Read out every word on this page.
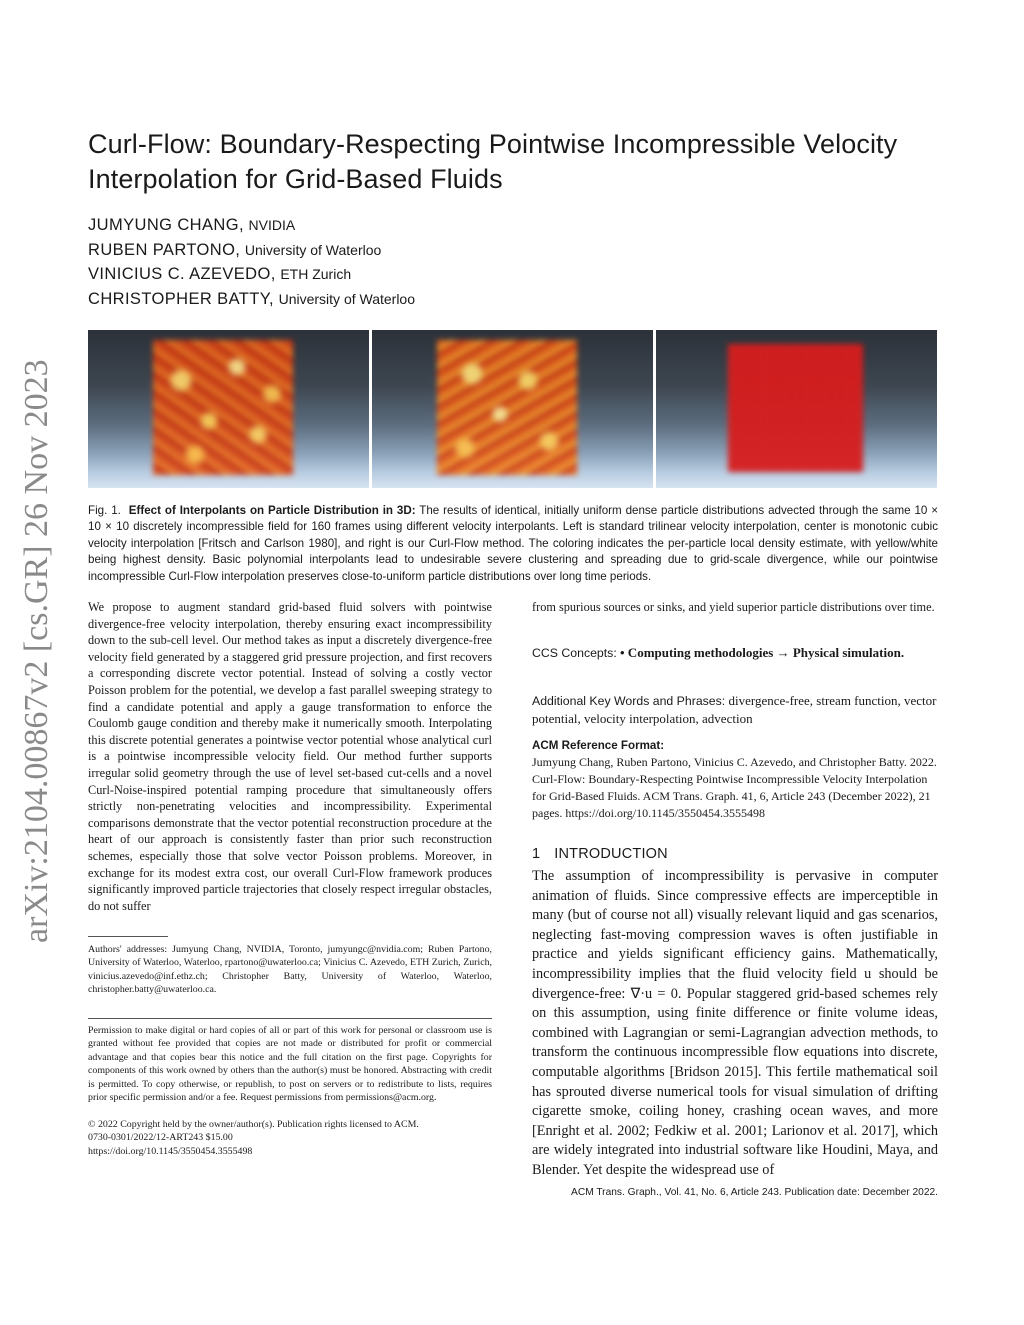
arXiv:2104.00867v2 [cs.GR] 26 Nov 2023
Curl-Flow: Boundary-Respecting Pointwise Incompressible Velocity Interpolation for Grid-Based Fluids
JUMYUNG CHANG, NVIDIA
RUBEN PARTONO, University of Waterloo
VINICIUS C. AZEVEDO, ETH Zurich
CHRISTOPHER BATTY, University of Waterloo
Fig. 1. Effect of Interpolants on Particle Distribution in 3D: The results of identical, initially uniform dense particle distributions advected through the same 10 × 10 × 10 discretely incompressible field for 160 frames using different velocity interpolants. Left is standard trilinear velocity interpolation, center is monotonic cubic velocity interpolation [Fritsch and Carlson 1980], and right is our Curl-Flow method. The coloring indicates the per-particle local density estimate, with yellow/white being highest density. Basic polynomial interpolants lead to undesirable severe clustering and spreading due to grid-scale divergence, while our pointwise incompressible Curl-Flow interpolation preserves close-to-uniform particle distributions over long time periods.
We propose to augment standard grid-based fluid solvers with pointwise divergence-free velocity interpolation, thereby ensuring exact incompressibility down to the sub-cell level. Our method takes as input a discretely divergence-free velocity field generated by a staggered grid pressure projection, and first recovers a corresponding discrete vector potential. Instead of solving a costly vector Poisson problem for the potential, we develop a fast parallel sweeping strategy to find a candidate potential and apply a gauge transformation to enforce the Coulomb gauge condition and thereby make it numerically smooth. Interpolating this discrete potential generates a pointwise vector potential whose analytical curl is a pointwise incompressible velocity field. Our method further supports irregular solid geometry through the use of level set-based cut-cells and a novel Curl-Noise-inspired potential ramping procedure that simultaneously offers strictly non-penetrating velocities and incompressibility. Experimental comparisons demonstrate that the vector potential reconstruction procedure at the heart of our approach is consistently faster than prior such reconstruction schemes, especially those that solve vector Poisson problems. Moreover, in exchange for its modest extra cost, our overall Curl-Flow framework produces significantly improved particle trajectories that closely respect irregular obstacles, do not suffer
Authors' addresses: Jumyung Chang, NVIDIA, Toronto, jumyungc@nvidia.com; Ruben Partono, University of Waterloo, Waterloo, rpartono@uwaterloo.ca; Vinicius C. Azevedo, ETH Zurich, Zurich, vinicius.azevedo@inf.ethz.ch; Christopher Batty, University of Waterloo, Waterloo, christopher.batty@uwaterloo.ca.
Permission to make digital or hard copies of all or part of this work for personal or classroom use is granted without fee provided that copies are not made or distributed for profit or commercial advantage and that copies bear this notice and the full citation on the first page. Copyrights for components of this work owned by others than the author(s) must be honored. Abstracting with credit is permitted. To copy otherwise, or republish, to post on servers or to redistribute to lists, requires prior specific permission and/or a fee. Request permissions from permissions@acm.org.
© 2022 Copyright held by the owner/author(s). Publication rights licensed to ACM.
0730-0301/2022/12-ART243 $15.00
https://doi.org/10.1145/3550454.3555498
from spurious sources or sinks, and yield superior particle distributions over time.
CCS Concepts: • Computing methodologies → Physical simulation.
Additional Key Words and Phrases: divergence-free, stream function, vector potential, velocity interpolation, advection
ACM Reference Format:
Jumyung Chang, Ruben Partono, Vinicius C. Azevedo, and Christopher Batty. 2022. Curl-Flow: Boundary-Respecting Pointwise Incompressible Velocity Interpolation for Grid-Based Fluids. ACM Trans. Graph. 41, 6, Article 243 (December 2022), 21 pages. https://doi.org/10.1145/3550454.3555498
1 INTRODUCTION
The assumption of incompressibility is pervasive in computer animation of fluids. Since compressive effects are imperceptible in many (but of course not all) visually relevant liquid and gas scenarios, neglecting fast-moving compression waves is often justifiable in practice and yields significant efficiency gains. Mathematically, incompressibility implies that the fluid velocity field u should be divergence-free: ∇·u = 0. Popular staggered grid-based schemes rely on this assumption, using finite difference or finite volume ideas, combined with Lagrangian or semi-Lagrangian advection methods, to transform the continuous incompressible flow equations into discrete, computable algorithms [Bridson 2015]. This fertile mathematical soil has sprouted diverse numerical tools for visual simulation of drifting cigarette smoke, coiling honey, crashing ocean waves, and more [Enright et al. 2002; Fedkiw et al. 2001; Larionov et al. 2017], which are widely integrated into industrial software like Houdini, Maya, and Blender. Yet despite the widespread use of
ACM Trans. Graph., Vol. 41, No. 6, Article 243. Publication date: December 2022.
